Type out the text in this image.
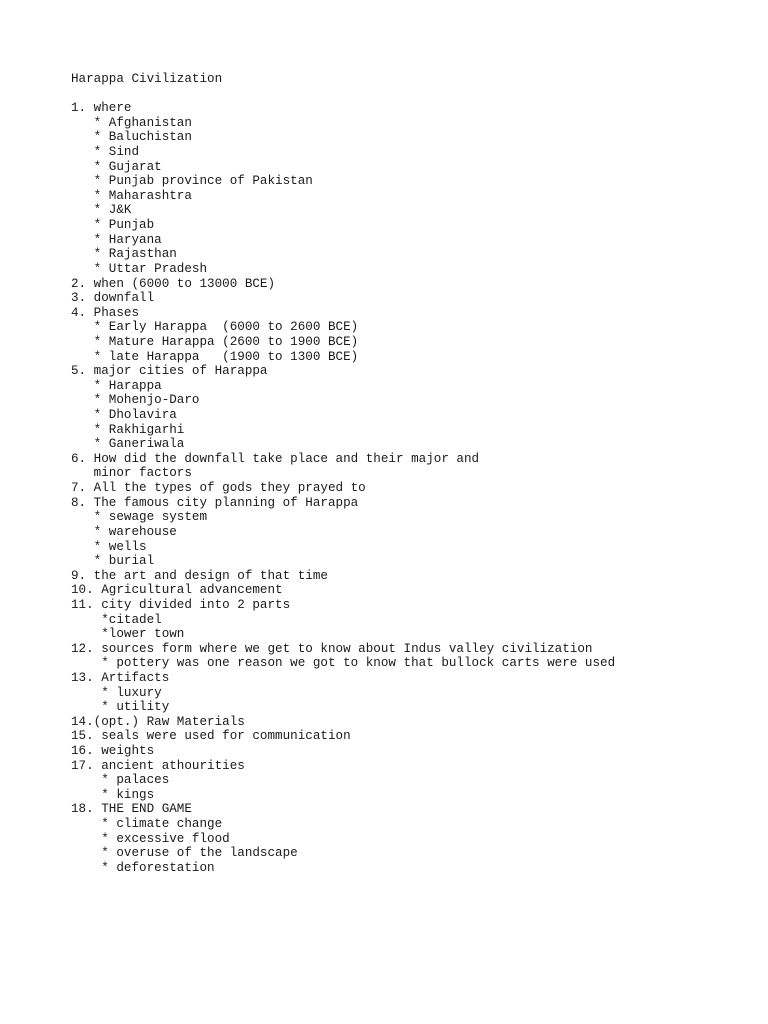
Harappa Civilization
1. where
* Afghanistan
* Baluchistan
* Sind
* Gujarat
* Punjab province of Pakistan
* Maharashtra
* J&K
* Punjab
* Haryana
* Rajasthan
* Uttar Pradesh
2. when (6000 to 13000 BCE)
3. downfall
4. Phases
* Early Harappa  (6000 to 2600 BCE)
* Mature Harappa (2600 to 1900 BCE)
* late Harappa   (1900 to 1300 BCE)
5. major cities of Harappa
* Harappa
* Mohenjo-Daro
* Dholavira
* Rakhigarhi
* Ganeriwala
6. How did the downfall take place and their major and
minor factors
7. All the types of gods they prayed to
8. The famous city planning of Harappa
* sewage system
* warehouse
* wells
* burial
9. the art and design of that time
10. Agricultural advancement
11. city divided into 2 parts
*citadel
*lower town
12. sources form where we get to know about Indus valley civilization
* pottery was one reason we got to know that bullock carts were used
13. Artifacts
* luxury
* utility
14.(opt.) Raw Materials
15. seals were used for communication
16. weights
17. ancient athourities
* palaces
* kings
18. THE END GAME
* climate change
* excessive flood
* overuse of the landscape
* deforestation
